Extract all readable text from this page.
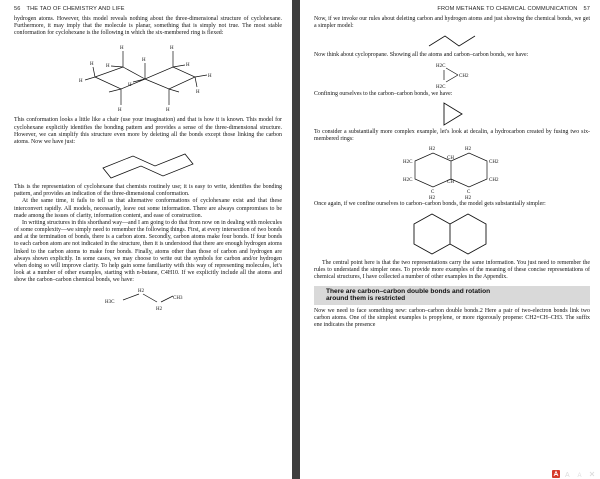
56 THE TAO OF CHEMISTRY AND LIFE

hydrogen atoms. However, this model reveals nothing about the three-dimensional structure of cyclohexane. Furthermore, it may imply that the molecule is planar, something that is simply not true. The most stable conformation for cyclohexane is the following in which the six-membered ring is flexed:

H
H
H
H	H
H
H
H
H
H
H	H

This conformation looks a little like a chair (use your imagination) and that is how it is known. This model for cyclohexane explicitly identifies the bonding pattern and provides a sense of the three-dimensional structure. However, we can simplify this structure even more by deleting all the bonds except those linking the carbon atoms. Now we have just:

This is the representation of cyclohexane that chemists routinely use; it is easy to write, identifies the bonding pattern, and provides an indication of the three-dimensional conformation.

At the same time, it fails to tell us that alternative conformations of cyclohexane exist and that these interconvert rapidly. All models, necessarily, leave out some information. There are always compromises to be made among the issues of clarity, information content, and ease of construction.

In writing structures in this shorthand way—and I am going to do that from now on in dealing with molecules of some complexity—we simply need to remember the following things. First, at every intersection of two bonds and at the termination of bonds, there is a carbon atom. Secondly, carbon atoms make four bonds. If four bonds to each carbon atom are not indicated in the structure, then it is understood that there are enough hydrogen atoms linked to the carbon atoms to make four bonds. Finally, atoms other than those of carbon and hydrogen are always shown explicitly. In some cases, we may choose to write out the symbols for carbon and/or hydrogen when doing so will improve clarity. To help gain some familiarity with this way of representing molecules, let's look at a number of other examples, starting with n-butane, C4H10. If we explicitly include all the atoms and show the carbon–carbon chemical bonds, we have:

H3C
H2
H2
CH3
FROM METHANE TO CHEMICAL COMMUNICATION 57

Now, if we invoke our rules about deleting carbon and hydrogen atoms and just showing the chemical bonds, we get a simpler model:

Now think about cyclopropane. Showing all the atoms and carbon–carbon bonds, we have:

H2C
CH2
H2C

Confining ourselves to the carbon–carbon bonds, we have:

To consider a substantially more complex example, let's look at decalin, a hydrocarbon created by fusing two six-membered rings:

H2	H2
H2C
CH
CH2
H2C	CH	CH2
C	C
H2	H2

Once again, if we confine ourselves to carbon–carbon bonds, the model gets substantially simpler:

The central point here is that the two representations carry the same information. You just need to remember the rules to understand the simpler ones. To provide more examples of the meaning of these concise representations of chemical structures, I have collected a number of other examples in the Appendix.

There are carbon–carbon double bonds and rotation
around them is restricted

Now we need to face something new: carbon–carbon double bonds.2 Here a pair of two-electron bonds link two carbon atoms. One of the simplest examples is propylene, or more rigorously propene: CH2=CH–CH3. The suffix ene indicates the presence

A A
